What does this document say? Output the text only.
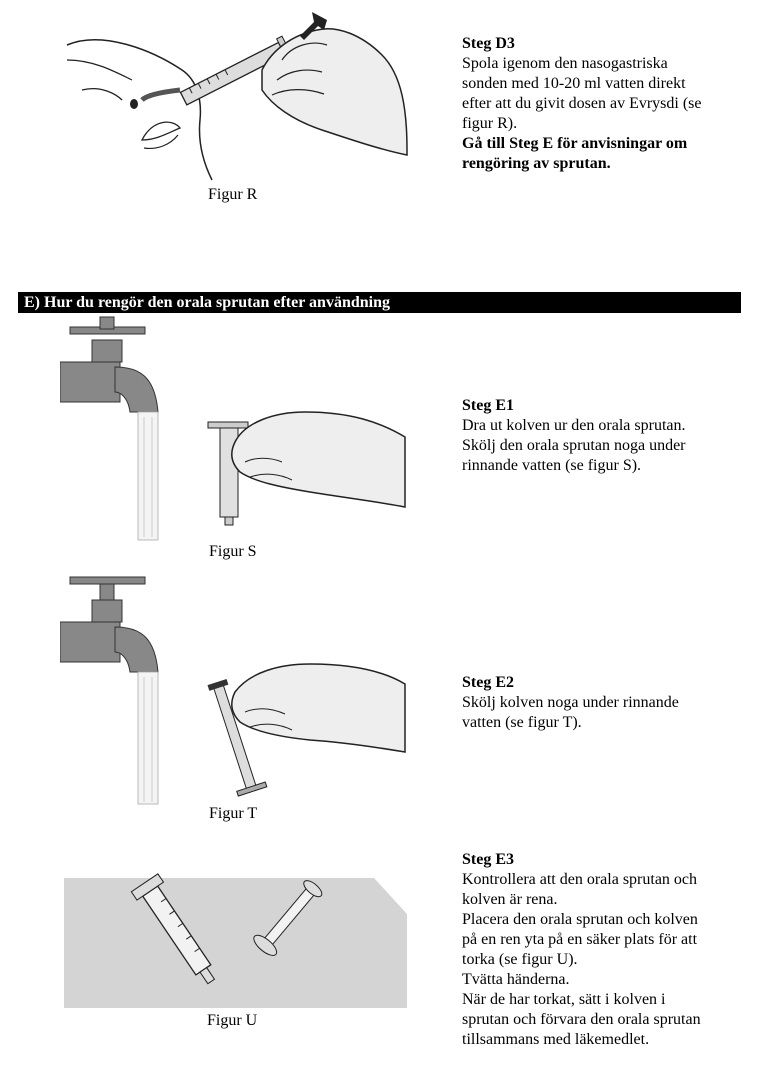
Figur R
Steg D3
Spola igenom den nasogastriska
sonden med 10-20 ml vatten direkt
efter att du givit dosen av Evrysdi (se
figur R).
Gå till Steg E för anvisningar om
rengöring av sprutan.
E) Hur du rengör den orala sprutan efter användning
Figur S
Steg E1
Dra ut kolven ur den orala sprutan.
Skölj den orala sprutan noga under
rinnande vatten (se figur S).
Figur T
Steg E2
Skölj kolven noga under rinnande
vatten (se figur T).
Figur U
Steg E3
Kontrollera att den orala sprutan och
kolven är rena.
Placera den orala sprutan och kolven
på en ren yta på en säker plats för att
torka (se figur U).
Tvätta händerna.
När de har torkat, sätt i kolven i
sprutan och förvara den orala sprutan
tillsammans med läkemedlet.
